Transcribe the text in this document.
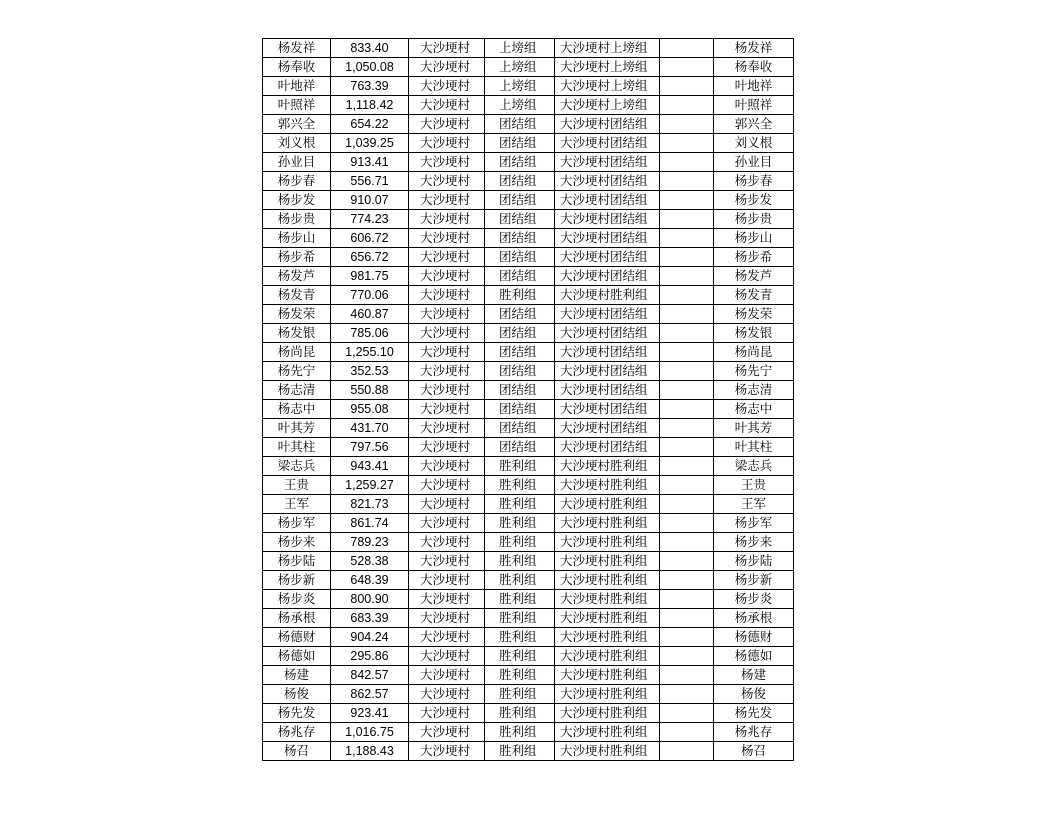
杨发祥	833.40	大沙埂村	上塝组	大沙埂村上塝组		杨发祥
杨奉收	1,050.08	大沙埂村	上塝组	大沙埂村上塝组		杨奉收
叶地祥	763.39	大沙埂村	上塝组	大沙埂村上塝组		叶地祥
叶照祥	1,118.42	大沙埂村	上塝组	大沙埂村上塝组		叶照祥
郭兴全	654.22	大沙埂村	团结组	大沙埂村团结组		郭兴全
刘义根	1,039.25	大沙埂村	团结组	大沙埂村团结组		刘义根
孙业目	913.41	大沙埂村	团结组	大沙埂村团结组		孙业目
杨步春	556.71	大沙埂村	团结组	大沙埂村团结组		杨步春
杨步发	910.07	大沙埂村	团结组	大沙埂村团结组		杨步发
杨步贵	774.23	大沙埂村	团结组	大沙埂村团结组		杨步贵
杨步山	606.72	大沙埂村	团结组	大沙埂村团结组		杨步山
杨步希	656.72	大沙埂村	团结组	大沙埂村团结组		杨步希
杨发芦	981.75	大沙埂村	团结组	大沙埂村团结组		杨发芦
杨发青	770.06	大沙埂村	胜利组	大沙埂村胜利组		杨发青
杨发荣	460.87	大沙埂村	团结组	大沙埂村团结组		杨发荣
杨发银	785.06	大沙埂村	团结组	大沙埂村团结组		杨发银
杨尚昆	1,255.10	大沙埂村	团结组	大沙埂村团结组		杨尚昆
杨先宁	352.53	大沙埂村	团结组	大沙埂村团结组		杨先宁
杨志清	550.88	大沙埂村	团结组	大沙埂村团结组		杨志清
杨志中	955.08	大沙埂村	团结组	大沙埂村团结组		杨志中
叶其芳	431.70	大沙埂村	团结组	大沙埂村团结组		叶其芳
叶其柱	797.56	大沙埂村	团结组	大沙埂村团结组		叶其柱
梁志兵	943.41	大沙埂村	胜利组	大沙埂村胜利组		梁志兵
王贵	1,259.27	大沙埂村	胜利组	大沙埂村胜利组		王贵
王军	821.73	大沙埂村	胜利组	大沙埂村胜利组		王军
杨步军	861.74	大沙埂村	胜利组	大沙埂村胜利组		杨步军
杨步来	789.23	大沙埂村	胜利组	大沙埂村胜利组		杨步来
杨步陆	528.38	大沙埂村	胜利组	大沙埂村胜利组		杨步陆
杨步新	648.39	大沙埂村	胜利组	大沙埂村胜利组		杨步新
杨步炎	800.90	大沙埂村	胜利组	大沙埂村胜利组		杨步炎
杨承根	683.39	大沙埂村	胜利组	大沙埂村胜利组		杨承根
杨德财	904.24	大沙埂村	胜利组	大沙埂村胜利组		杨德财
杨德如	295.86	大沙埂村	胜利组	大沙埂村胜利组		杨德如
杨建	842.57	大沙埂村	胜利组	大沙埂村胜利组		杨建
杨俊	862.57	大沙埂村	胜利组	大沙埂村胜利组		杨俊
杨先发	923.41	大沙埂村	胜利组	大沙埂村胜利组		杨先发
杨兆存	1,016.75	大沙埂村	胜利组	大沙埂村胜利组		杨兆存
杨召	1,188.43	大沙埂村	胜利组	大沙埂村胜利组		杨召
